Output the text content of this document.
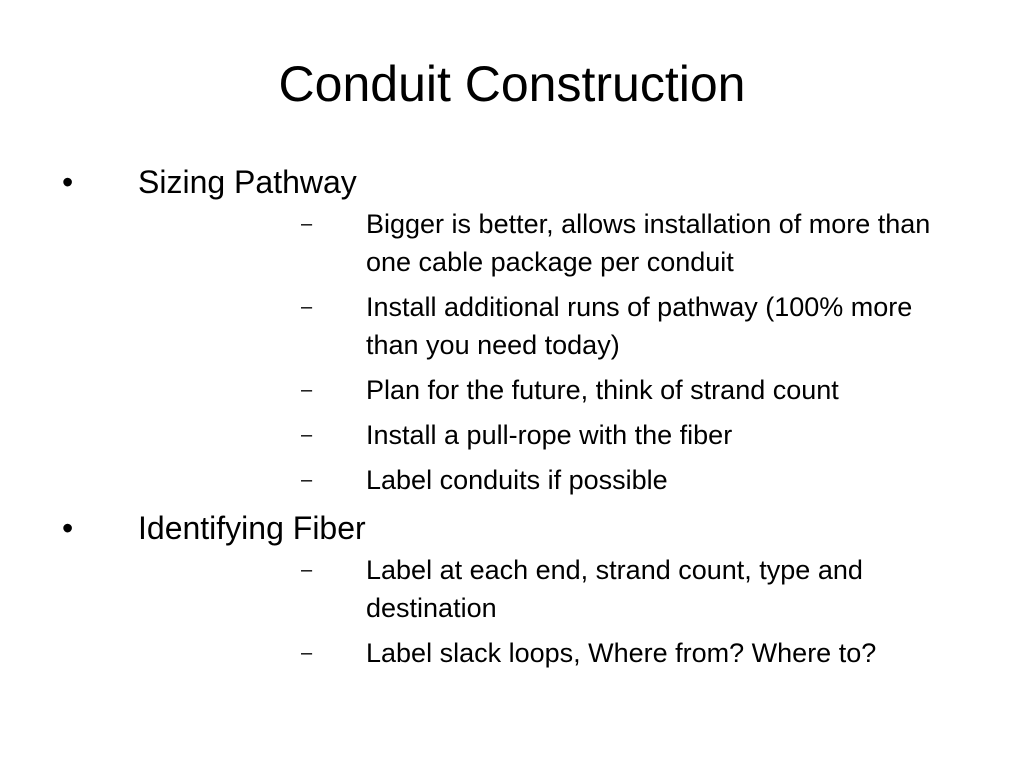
Conduit Construction
• Sizing Pathway
– Bigger is better, allows installation of more than one cable package per conduit
– Install additional runs of pathway (100% more than you need today)
– Plan for the future, think of strand count
– Install a pull-rope with the fiber
– Label conduits if possible
• Identifying Fiber
– Label at each end, strand count, type and destination
– Label slack loops, Where from? Where to?
